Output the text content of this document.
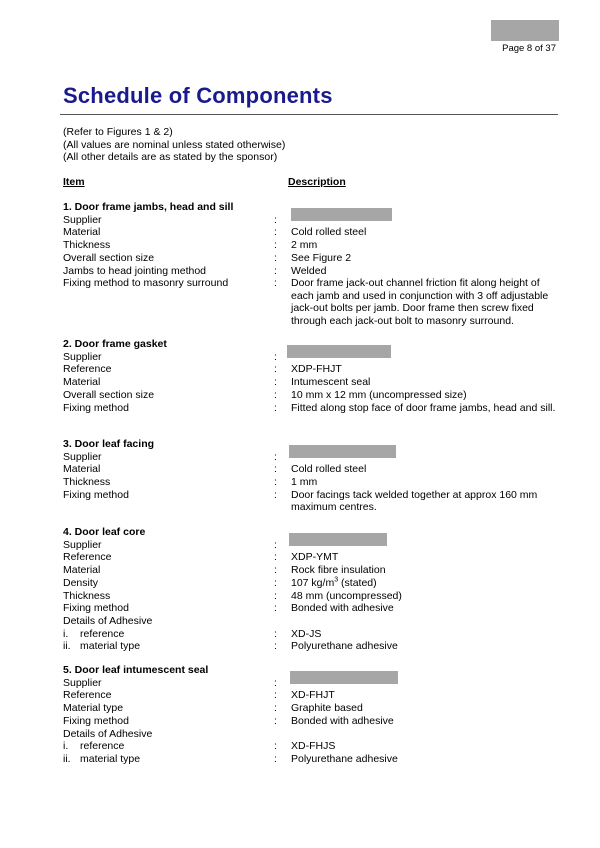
Page 8 of 37
Schedule of Components
(Refer to Figures 1 & 2)
(All values are nominal unless stated otherwise)
(All other details are as stated by the sponsor)
Item	Description
1. Door frame jambs, head and sill
Supplier	:
Material	: Cold rolled steel
Thickness	: 2 mm
Overall section size	: See Figure 2
Jambs to head jointing method	: Welded
Fixing method to masonry surround	: Door frame jack-out channel friction fit along height of each jamb and used in conjunction with 3 off adjustable jack-out bolts per jamb. Door frame then screw fixed through each jack-out bolt to masonry surround.
2. Door frame gasket
Supplier	:
Reference	: XDP-FHJT
Material	: Intumescent seal
Overall section size	: 10 mm x 12 mm (uncompressed size)
Fixing method	: Fitted along stop face of door frame jambs, head and sill.
3. Door leaf facing
Supplier	:
Material	: Cold rolled steel
Thickness	: 1 mm
Fixing method	: Door facings tack welded together at approx 160 mm maximum centres.
4. Door leaf core
Supplier	:
Reference	: XDP-YMT
Material	: Rock fibre insulation
Density	: 107 $kg/m^3$ (stated)
Thickness	: 48 mm (uncompressed)
Fixing method	: Bonded with adhesive
Details of Adhesive
i. reference	: XD-JS
ii. material type	: Polyurethane adhesive
5. Door leaf intumescent seal
Supplier	:
Reference	: XD-FHJT
Material type	: Graphite based
Fixing method	: Bonded with adhesive
Details of Adhesive
i. reference	: XD-FHJS
ii. material type	: Polyurethane adhesive
